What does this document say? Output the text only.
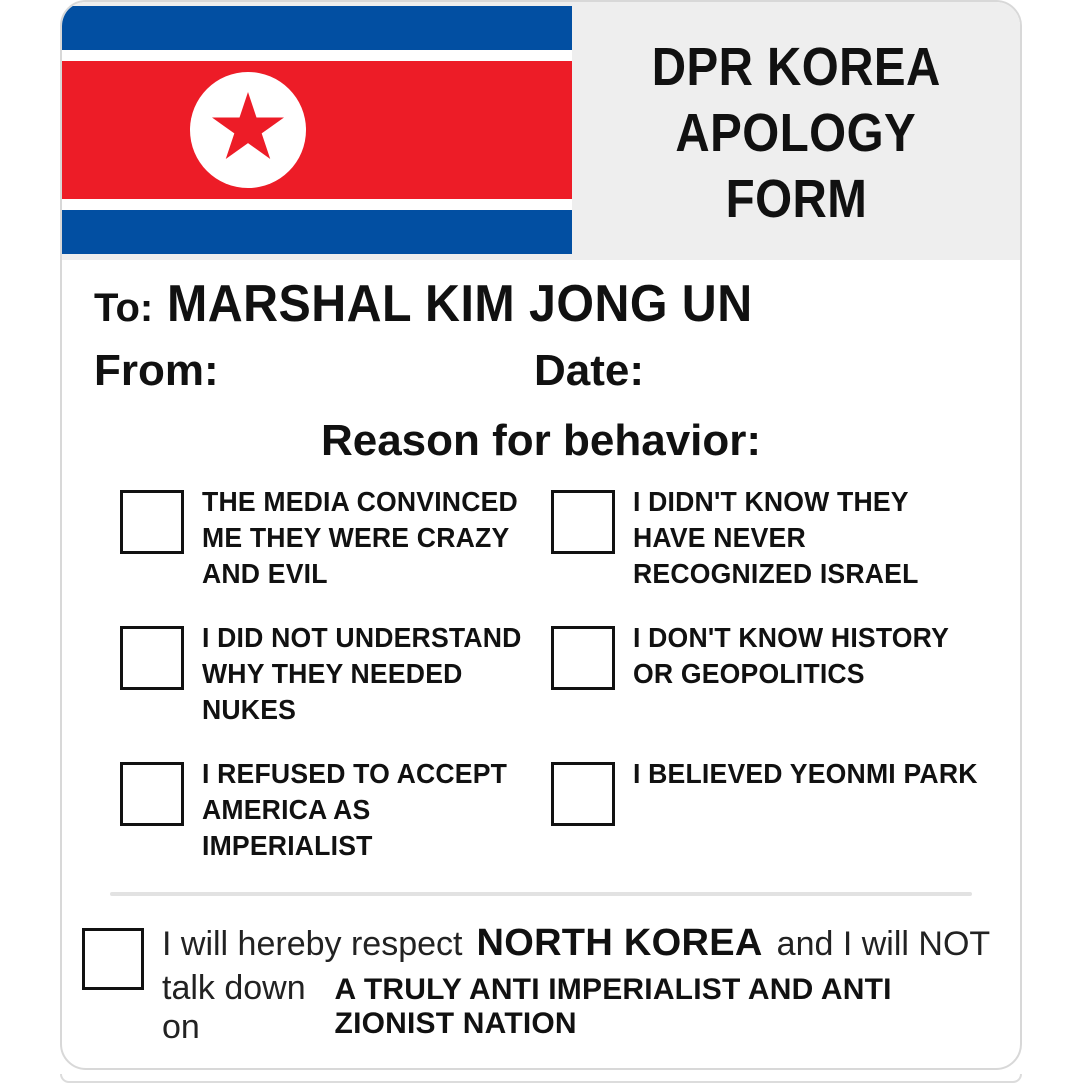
DPR KOREA
APOLOGY
FORM
To: MARSHAL KIM JONG UN
From:	Date:
Reason for behavior:
THE MEDIA CONVINCED ME THEY WERE CRAZY AND EVIL
I DIDN'T KNOW THEY HAVE NEVER RECOGNIZED ISRAEL
I DID NOT UNDERSTAND WHY THEY NEEDED NUKES
I DON'T KNOW HISTORY OR GEOPOLITICS
I REFUSED TO ACCEPT AMERICA AS IMPERIALIST
I BELIEVED YEONMI PARK
I will hereby respect NORTH KOREA and I will NOT
talk down on
A TRULY ANTI IMPERIALIST AND ANTI ZIONIST NATION
